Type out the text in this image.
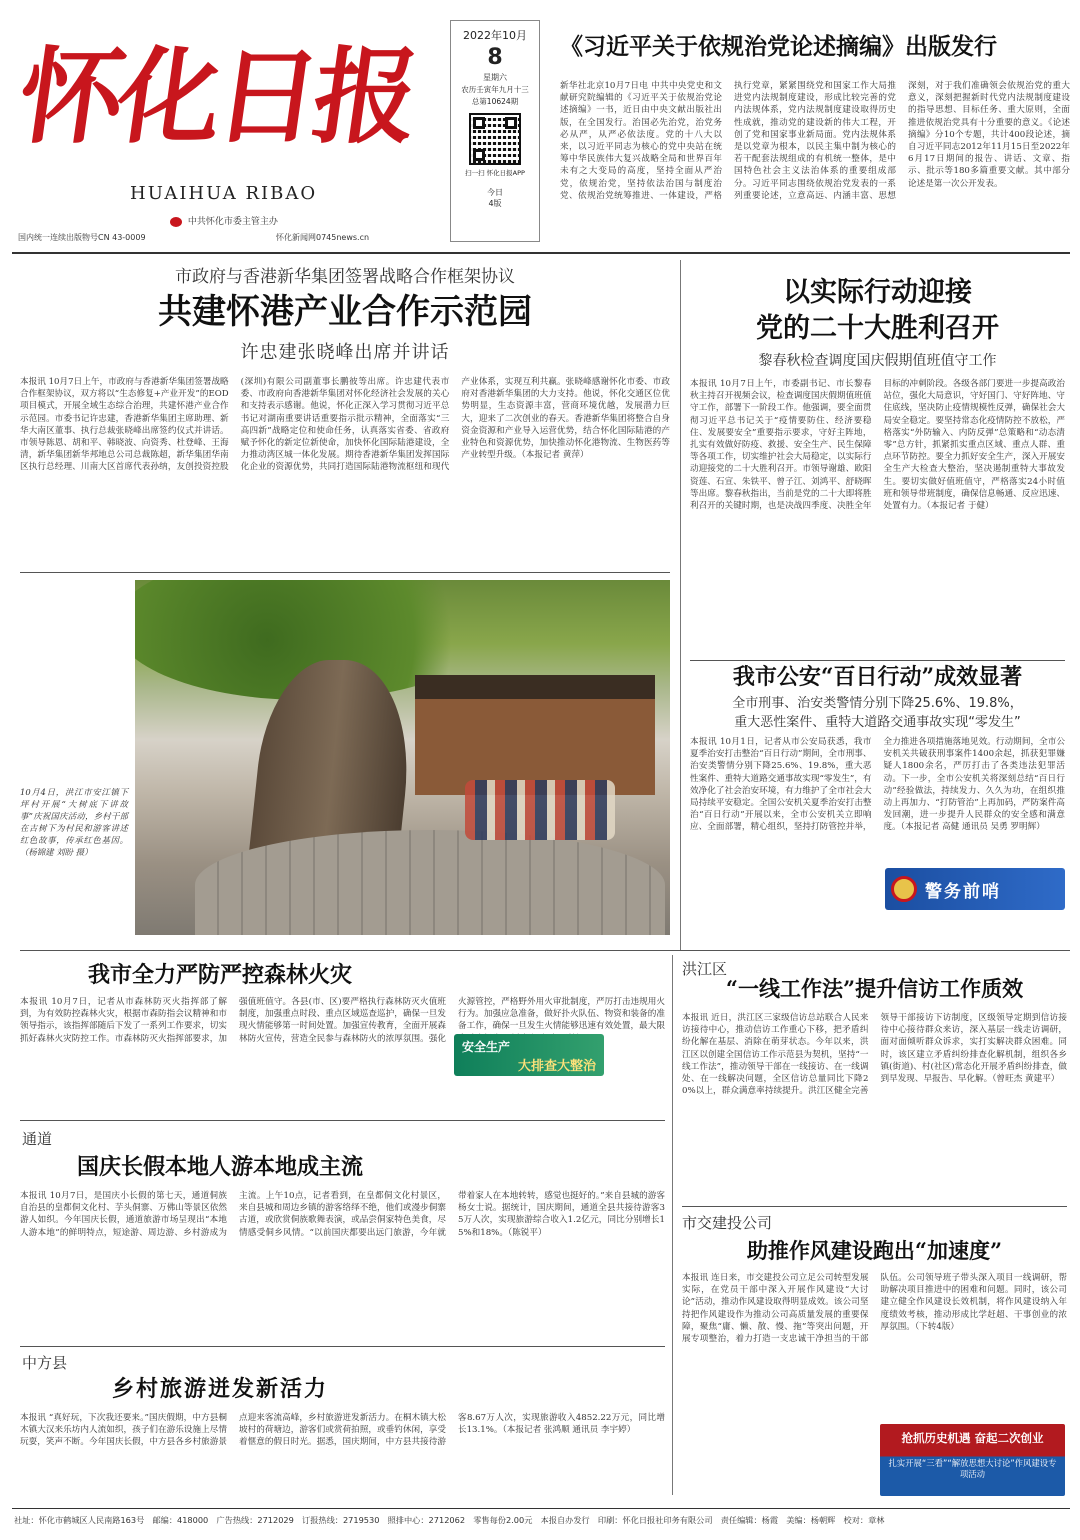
怀化日报
HUAIHUA RIBAO
中共怀化市委主管主办
国内统一连续出版物号CN 43-0009	怀化新闻网0745news.cn
2022年10月
8
星期六
农历壬寅年九月十三
总第10624期
扫一扫 怀化日报APP
今日
4版
《习近平关于依规治党论述摘编》出版发行
新华社北京10月7日电 中共中央党史和文献研究院编辑的《习近平关于依规治党论述摘编》一书，近日由中央文献出版社出版，在全国发行。治国必先治党，治党务必从严，从严必依法度。党的十八大以来，以习近平同志为核心的党中央站在统筹中华民族伟大复兴战略全局和世界百年未有之大变局的高度，坚持全面从严治党，依规治党，坚持依法治国与制度治党、依规治党统筹推进、一体建设，严格执行党章，紧紧围绕党和国家工作大局推进党内法规制度建设，形成比较完善的党内法规体系，党内法规制度建设取得历史性成就，推动党的建设新的伟大工程，开创了党和国家事业新局面。党内法规体系是以党章为根本，以民主集中制为核心的若干配套法规组成的有机统一整体，是中国特色社会主义法治体系的重要组成部分。习近平同志围绕依规治党发表的一系列重要论述，立意高远、内涵丰富、思想深刻，对于我们准确领会依规治党的重大意义，深刻把握新时代党内法规制度建设的指导思想、目标任务、重大原则，全面推进依规治党具有十分重要的意义。《论述摘编》分10个专题，共计400段论述，摘自习近平同志2012年11月15日至2022年6月17日期间的报告、讲话、文章、指示、批示等180多篇重要文献。其中部分论述是第一次公开发表。
市政府与香港新华集团签署战略合作框架协议
共建怀港产业合作示范园
许忠建张晓峰出席并讲话
本报讯 10月7日上午，市政府与香港新华集团签署战略合作框架协议，双方将以“生态修复+产业开发”的EOD项目模式，开展全域生态综合治理，共建怀港产业合作示范园。市委书记许忠建，香港新华集团主席助理、新华大南区董事、执行总裁张晓峰出席签约仪式并讲话。市领导陈恩、胡和平、韩晓波、向资秀、杜登峰、王海清，新华集团新华邦地总公司总裁陈超，新华集团华南区执行总经理、川南大区首席代表孙纳，友创投资控股(深圳)有限公司副董事长鹏彼等出席。许忠建代表市委、市政府向香港新华集团对怀化经济社会发展的关心和支持表示感谢。他说，怀化正深入学习贯彻习近平总书记对湖南重要讲话重要指示批示精神，全面落实“三高四新”战略定位和使命任务，认真落实省委、省政府赋予怀化的新定位新使命，加快怀化国际陆港建设，全力推动湾区城一体化发展。期待香港新华集团发挥国际化企业的资源优势，共同打造国际陆港物流枢纽和现代产业体系，实现互利共赢。张晓峰感谢怀化市委、市政府对香港新华集团的大力支持。他说，怀化交通区位优势明显，生态资源丰富，营商环境优越，发展潜力巨大，迎来了二次创业的春天。香港新华集团将整合自身资金资源和产业导入运营优势，结合怀化国际陆港的产业特色和资源优势，加快推动怀化港物流、生物医药等产业转型升级。（本报记者 黄萍）
以实际行动迎接
党的二十大胜利召开
黎春秋检查调度国庆假期值班值守工作
本报讯 10月7日上午，市委副书记、市长黎春秋主持召开视频会议，检查调度国庆假期值班值守工作，部署下一阶段工作。他强调，要全面贯彻习近平总书记关于“疫情要防住、经济要稳住、发展要安全”重要指示要求，守好主阵地，扎实有效做好防疫、救援、安全生产、民生保障等各项工作，切实维护社会大局稳定，以实际行动迎接党的二十大胜利召开。市领导谢雄、欧阳资莲、石宣、朱铁平、曾子江、刘鸿平、舒晓晖等出席。黎春秋指出，当前是党的二十大即将胜利召开的关键时期，也是决战四季度、决胜全年目标的冲刺阶段。各级各部门要进一步提高政治站位，强化大局意识，守好国门、守好阵地、守住底线，坚决防止疫情规模性反弹，确保社会大局安全稳定。要坚持常态化疫情防控不放松，严格落实“外防输入、内防反弹”总策略和“动态清零”总方针，抓紧抓实重点区域、重点人群、重点环节防控。要全力抓好安全生产，深入开展安全生产大检查大整治，坚决遏制重特大事故发生。要切实做好值班值守，严格落实24小时值班和领导带班制度，确保信息畅通、反应迅速、处置有力。（本报记者 于健）
10月4日，洪江市安江镇下坪村开展“大树底下讲故事”庆祝国庆活动，乡村干部在古树下为村民和游客讲述红色故事，传承红色基因。（杨锦建 刘盼 摄）
我市公安“百日行动”成效显著
全市刑事、治安类警情分别下降25.6%、19.8%，
重大恶性案件、重特大道路交通事故实现“零发生”
本报讯 10月1日，记者从市公安局获悉，我市夏季治安打击整治“百日行动”期间，全市刑事、治安类警情分别下降25.6%、19.8%，重大恶性案件、重特大道路交通事故实现“零发生”，有效净化了社会治安环境，有力维护了全市社会大局持续平安稳定。全国公安机关夏季治安打击整治“百日行动”开展以来，全市公安机关立即响应、全面部署，精心组织，坚持打防管控并举，全力推进各项措施落地见效。行动期间，全市公安机关共破获刑事案件1400余起，抓获犯罪嫌疑人1800余名，严厉打击了各类违法犯罪活动。下一步，全市公安机关将深刻总结“百日行动”经验做法，持续发力、久久为功，在组织推动上再加力、“打防管治”上再加码，严防案件高发回潮，进一步提升人民群众的安全感和满意度。（本报记者 高健 通讯员 吴勇 罗明辉）
警务前哨
我市全力严防严控森林火灾
本报讯 10月7日，记者从市森林防灭火指挥部了解到，为有效防控森林火灾，根据市森防指会议精神和市领导指示，该指挥部随后下发了一系列工作要求，切实抓好森林火灾防控工作。市森林防灭火指挥部要求，加强值班值守。各县(市、区)要严格执行森林防灭火值班制度，加强重点时段、重点区域巡查巡护，确保一旦发现火情能够第一时间处置。加强宣传教育，全面开展森林防火宣传，营造全民参与森林防火的浓厚氛围。强化火源管控，严格野外用火审批制度，严厉打击违规用火行为。加强应急准备，做好扑火队伍、物资和装备的准备工作，确保一旦发生火情能够迅速有效处置，最大限
安全生产
大排查大整治
洪江区
“一线工作法”提升信访工作质效
本报讯 近日，洪江区三家级信访总站联合人民来访接待中心，推动信访工作重心下移，把矛盾纠纷化解在基层、消除在萌芽状态。今年以来，洪江区以创建全国信访工作示范县为契机，坚持“一线工作法”，推动领导干部在一线接访、在一线调处、在一线解决问题，全区信访总量同比下降20%以上，群众满意率持续提升。洪江区健全完善领导干部接访下访制度，区级领导定期到信访接待中心接待群众来访，深入基层一线走访调研，面对面倾听群众诉求，实打实解决群众困难。同时，该区建立矛盾纠纷排查化解机制，组织各乡镇(街道)、村(社区)常态化开展矛盾纠纷排查，做到早发现、早报告、早化解。（曾旺杰 黄建平）
通道
国庆长假本地人游本地成主流
本报讯 10月7日，是国庆小长假的第七天，通道侗族自治县的皇都侗文化村、芋头侗寨、万佛山等景区依然游人如织。今年国庆长假，通道旅游市场呈现出“本地人游本地”的鲜明特点，短途游、周边游、乡村游成为主流。上午10点，记者看到，在皇都侗文化村景区，来自县城和周边乡镇的游客络绎不绝，他们或漫步侗寨古道，或欣赏侗族歌舞表演，或品尝侗家特色美食，尽情感受侗乡风情。“以前国庆都要出远门旅游，今年就带着家人在本地转转，感觉也挺好的。”来自县城的游客杨女士说。据统计，国庆期间，通道全县共接待游客35万人次，实现旅游综合收入1.2亿元，同比分别增长15%和18%。（陈锐平）
中方县
乡村旅游迸发新活力
本报讯 “真好玩，下次我还要来。”国庆假期，中方县桐木镇大汉来乐坊内人流如织，孩子们在游乐设施上尽情玩耍，笑声不断。今年国庆长假，中方县各乡村旅游景点迎来客流高峰，乡村旅游迸发新活力。在桐木镇大松坡村的荷塘边，游客们或赏荷拍照，或垂钓休闲，享受着惬意的假日时光。据悉，国庆期间，中方县共接待游客8.67万人次，实现旅游收入4852.22万元，同比增长13.1%。（本报记者 张鸿顺 通讯员 李宇婷）
市交建投公司
助推作风建设跑出“加速度”
本报讯 连日来，市交建投公司立足公司转型发展实际，在党员干部中深入开展作风建设“大讨论”活动，推动作风建设取得明显成效。该公司坚持把作风建设作为推动公司高质量发展的重要保障，聚焦“庸、懒、散、慢、拖”等突出问题，开展专项整治，着力打造一支忠诚干净担当的干部队伍。公司领导班子带头深入项目一线调研，帮助解决项目推进中的困难和问题。同时，该公司建立健全作风建设长效机制，将作风建设纳入年度绩效考核，推动形成比学赶超、干事创业的浓厚氛围。（下转4版）
抢抓历史机遇 奋起二次创业
扎实开展“三看”“解放思想大讨论”作风建设专项活动
社址：怀化市鹤城区人民南路163号　邮编：418000　广告热线：2712029　订报热线：2719530　照排中心：2712062　零售每份2.00元　本报自办发行　印刷：怀化日报社印务有限公司　责任编辑：杨霞　美编：杨朝辉　校对：章林
